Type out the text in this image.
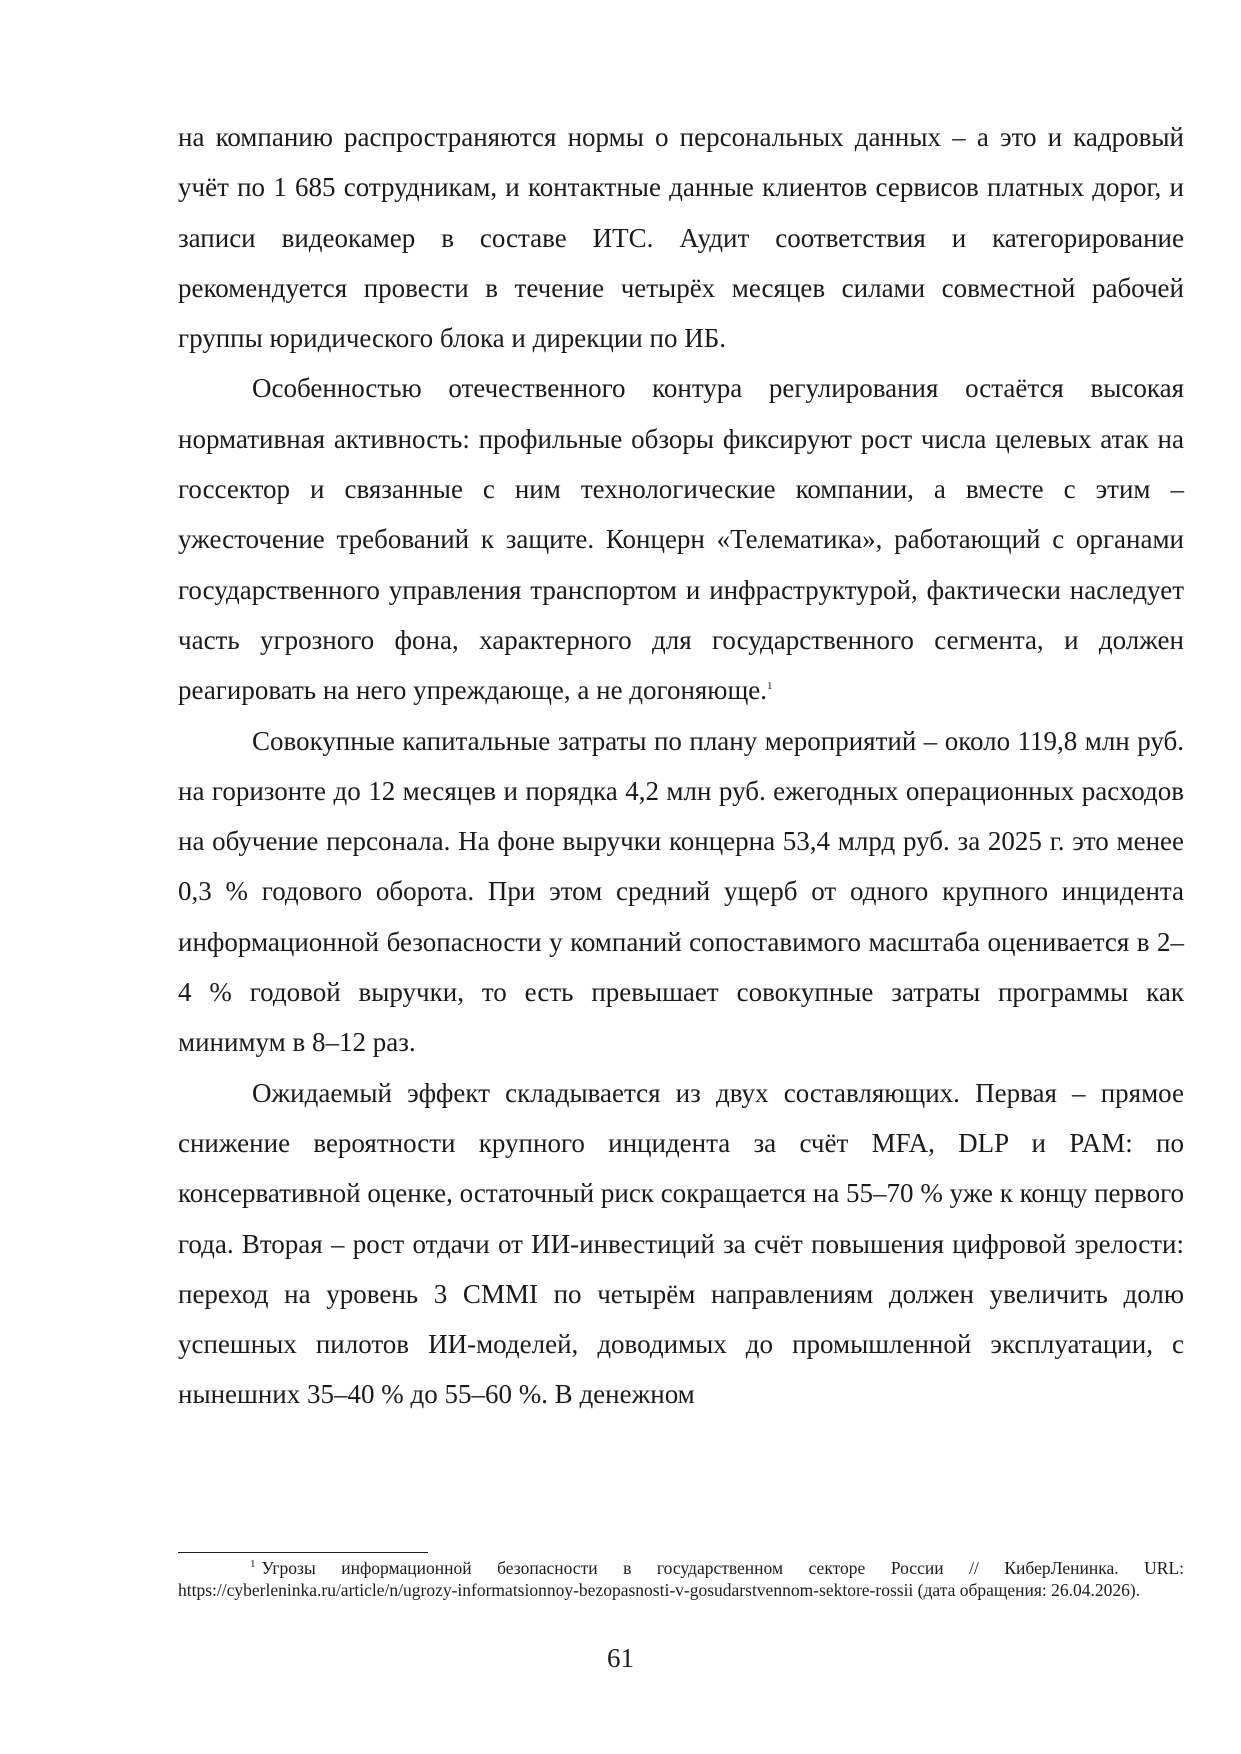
на компанию распространяются нормы о персональных данных – а это и кадровый учёт по 1 685 сотрудникам, и контактные данные клиентов сервисов платных дорог, и записи видеокамер в составе ИТС. Аудит соответствия и категорирование рекомендуется провести в течение четырёх месяцев силами совместной рабочей группы юридического блока и дирекции по ИБ.

Особенностью отечественного контура регулирования остаётся высокая нормативная активность: профильные обзоры фиксируют рост числа целевых атак на госсектор и связанные с ним технологические компании, а вместе с этим – ужесточение требований к защите. Концерн «Телематика», работающий с органами государственного управления транспортом и инфраструктурой, фактически наследует часть угрозного фона, характерного для государственного сегмента, и должен реагировать на него упреждающе, а не догоняюще.$^1$

Совокупные капитальные затраты по плану мероприятий – около 119,8 млн руб. на горизонте до 12 месяцев и порядка 4,2 млн руб. ежегодных операционных расходов на обучение персонала. На фоне выручки концерна 53,4 млрд руб. за 2025 г. это менее 0,3 % годового оборота. При этом средний ущерб от одного крупного инцидента информационной безопасности у компаний сопоставимого масштаба оценивается в 2–4 % годовой выручки, то есть превышает совокупные затраты программы как минимум в 8–12 раз.

Ожидаемый эффект складывается из двух составляющих. Первая – прямое снижение вероятности крупного инцидента за счёт MFA, DLP и PAM: по консервативной оценке, остаточный риск сокращается на 55–70 % уже к концу первого года. Вторая – рост отдачи от ИИ-инвестиций за счёт повышения цифровой зрелости: переход на уровень 3 CMMI по четырём направлениям должен увеличить долю успешных пилотов ИИ-моделей, доводимых до промышленной эксплуатации, с нынешних 35–40 % до 55–60 %. В денежном

$^1$ Угрозы информационной безопасности в государственном секторе России // КиберЛенинка. URL: https://cyberleninka.ru/article/n/ugrozy-informatsionnoy-bezopasnosti-v-gosudarstvennom-sektore-rossii (дата обращения: 26.04.2026).
61
